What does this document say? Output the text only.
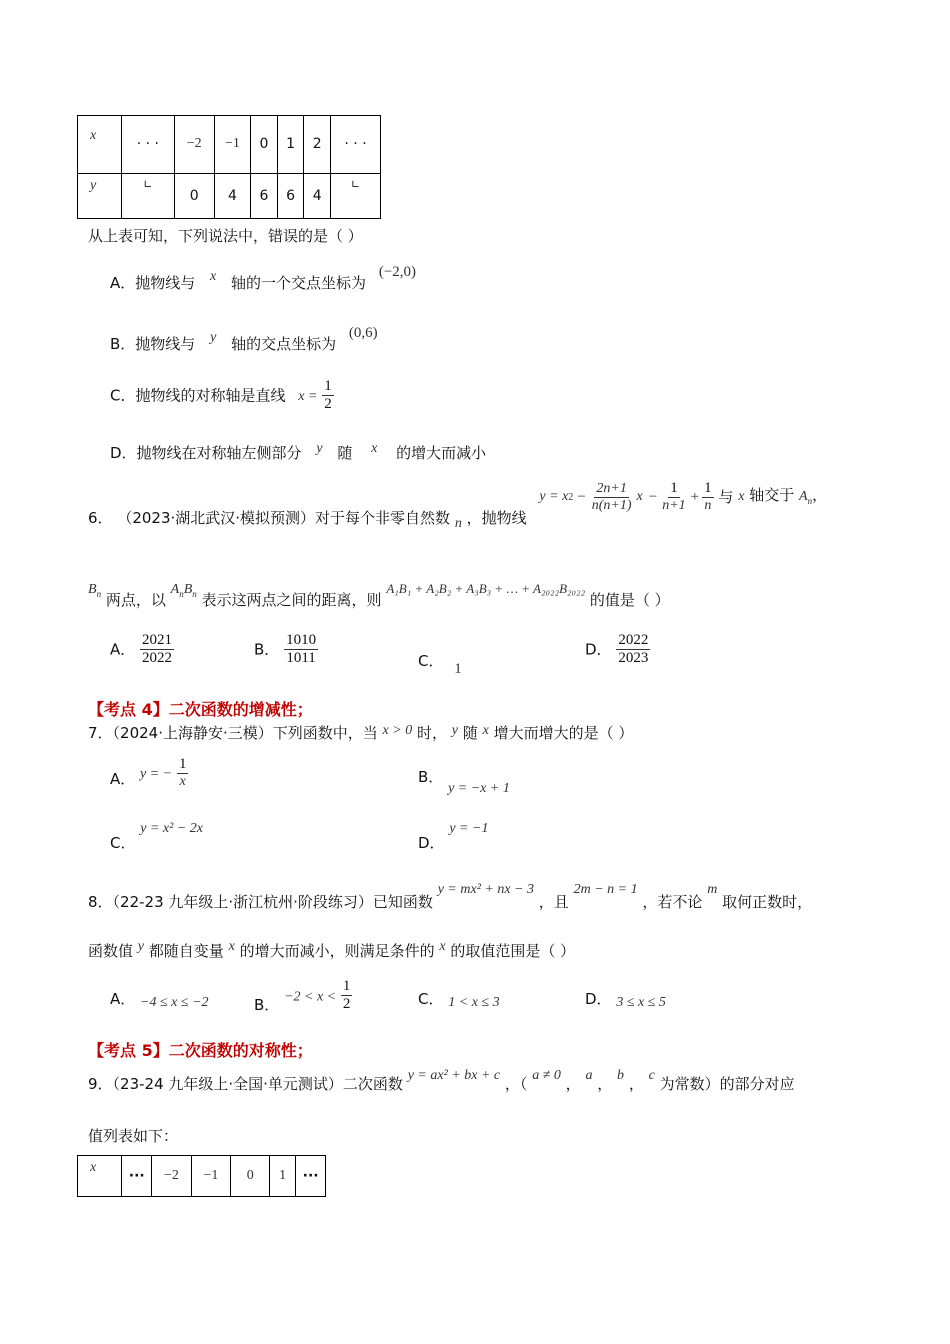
x	· · ·	−2	−1	0	1	2	· · ·
y	∟	0	4	6	6	4	∟
从上表可知，下列说法中，错误的是（ ）
A．抛物线与 x 轴的一个交点坐标为 (−2,0)
B．抛物线与 y 轴的交点坐标为 (0,6)
C．抛物线的对称轴是直线 $x = \frac{1}{2}$
D．抛物线在对称轴左侧部分 y 随 x 的增大而减小
6． （2023·湖北武汉·模拟预测）对于每个非零自然数 n ，抛物线
y = x $2 - \frac{2n+1}{n(n+1)}$ $x - \frac{1}{n+1} + \frac{1}{n}$ 与 x 轴交于 $A_n$，
$B_n$ 两点，以 $A_nB_n$ 表示这两点之间的距离，则 A₁B₁ + A₂B₂ + A₃B₃ + … + A₂₀₂₂B₂₀₂₂ 的值是（ ）
A． $\frac{2021}{2022}$	B． $\frac{1010}{1011}$	C． 1
D． $\frac{2022}{2023}$
【考点 4】二次函数的增减性；
7．（2024·上海静安·三模）下列函数中，当 x > 0 时， y 随 x 增大而增大的是（ ）
A． y = − $\frac{1}{x}$	B． y = −x + 1
C． y = x² − 2x
D． y = −1
8．（22-23 九年级上·浙江杭州·阶段练习）已知函数 y = mx² + nx − 3 ，且 2m − n = 1 ，若不论 m 取何正数时，
函数值 y 都随自变量 x 的增大而减小，则满足条件的 x 的取值范围是（ ）
A． −4 ≤ x ≤ −2	B． $-2 < x < \frac{1}{2}$	C． 1 < x ≤ 3	D． 3 ≤ x ≤ 5
【考点 5】二次函数的对称性；
9．（23-24 九年级上·全国·单元测试）二次函数 y = ax² + bx + c ，（ a ≠ 0 ， a ， b ， c 为常数）的部分对应
值列表如下：
x	···	−2	−1	0	1	···
